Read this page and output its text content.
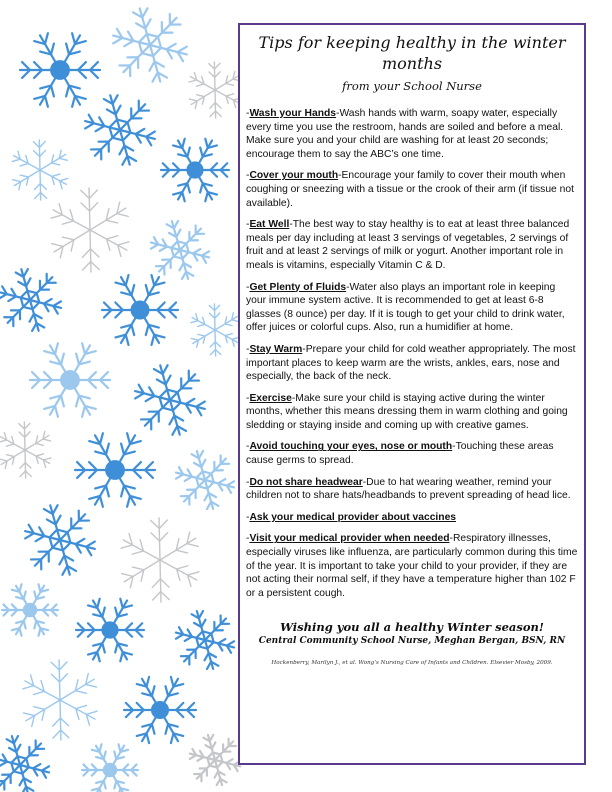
Tips for keeping healthy in the winter months
from your School Nurse

-Wash your Hands-Wash hands with warm, soapy water, especially every time you use the restroom, hands are soiled and before a meal. Make sure you and your child are washing for at least 20 seconds; encourage them to say the ABC’s one time.

-Cover your mouth-Encourage your family to cover their mouth when coughing or sneezing with a tissue or the crook of their arm (if tissue not available).

-Eat Well-The best way to stay healthy is to eat at least three balanced meals per day including at least 3 servings of vegetables, 2 servings of fruit and at least 2 servings of milk or yogurt. Another important role in meals is vitamins, especially Vitamin C & D.

-Get Plenty of Fluids-Water also plays an important role in keeping your immune system active. It is recommended to get at least 6-8 glasses (8 ounce) per day. If it is tough to get your child to drink water, offer juices or colorful cups. Also, run a humidifier at home.

-Stay Warm-Prepare your child for cold weather appropriately. The most important places to keep warm are the wrists, ankles, ears, nose and especially, the back of the neck.

-Exercise-Make sure your child is staying active during the winter months, whether this means dressing them in warm clothing and going sledding or staying inside and coming up with creative games.

-Avoid touching your eyes, nose or mouth-Touching these areas cause germs to spread.

-Do not share headwear-Due to hat wearing weather, remind your children not to share hats/headbands to prevent spreading of head lice.

-Ask your medical provider about vaccines

-Visit your medical provider when needed-Respiratory illnesses, especially viruses like influenza, are particularly common during this time of the year. It is important to take your child to your provider, if they are not acting their normal self, if they have a temperature higher than 102 F or a persistent cough.

Wishing you all a healthy Winter season!
Central Community School Nurse, Meghan Bergan, BSN, RN
Hockenberry, Marilyn J., et al. Wong’s Nursing Care of Infants and Children. Elsevier Mosby, 2009.
